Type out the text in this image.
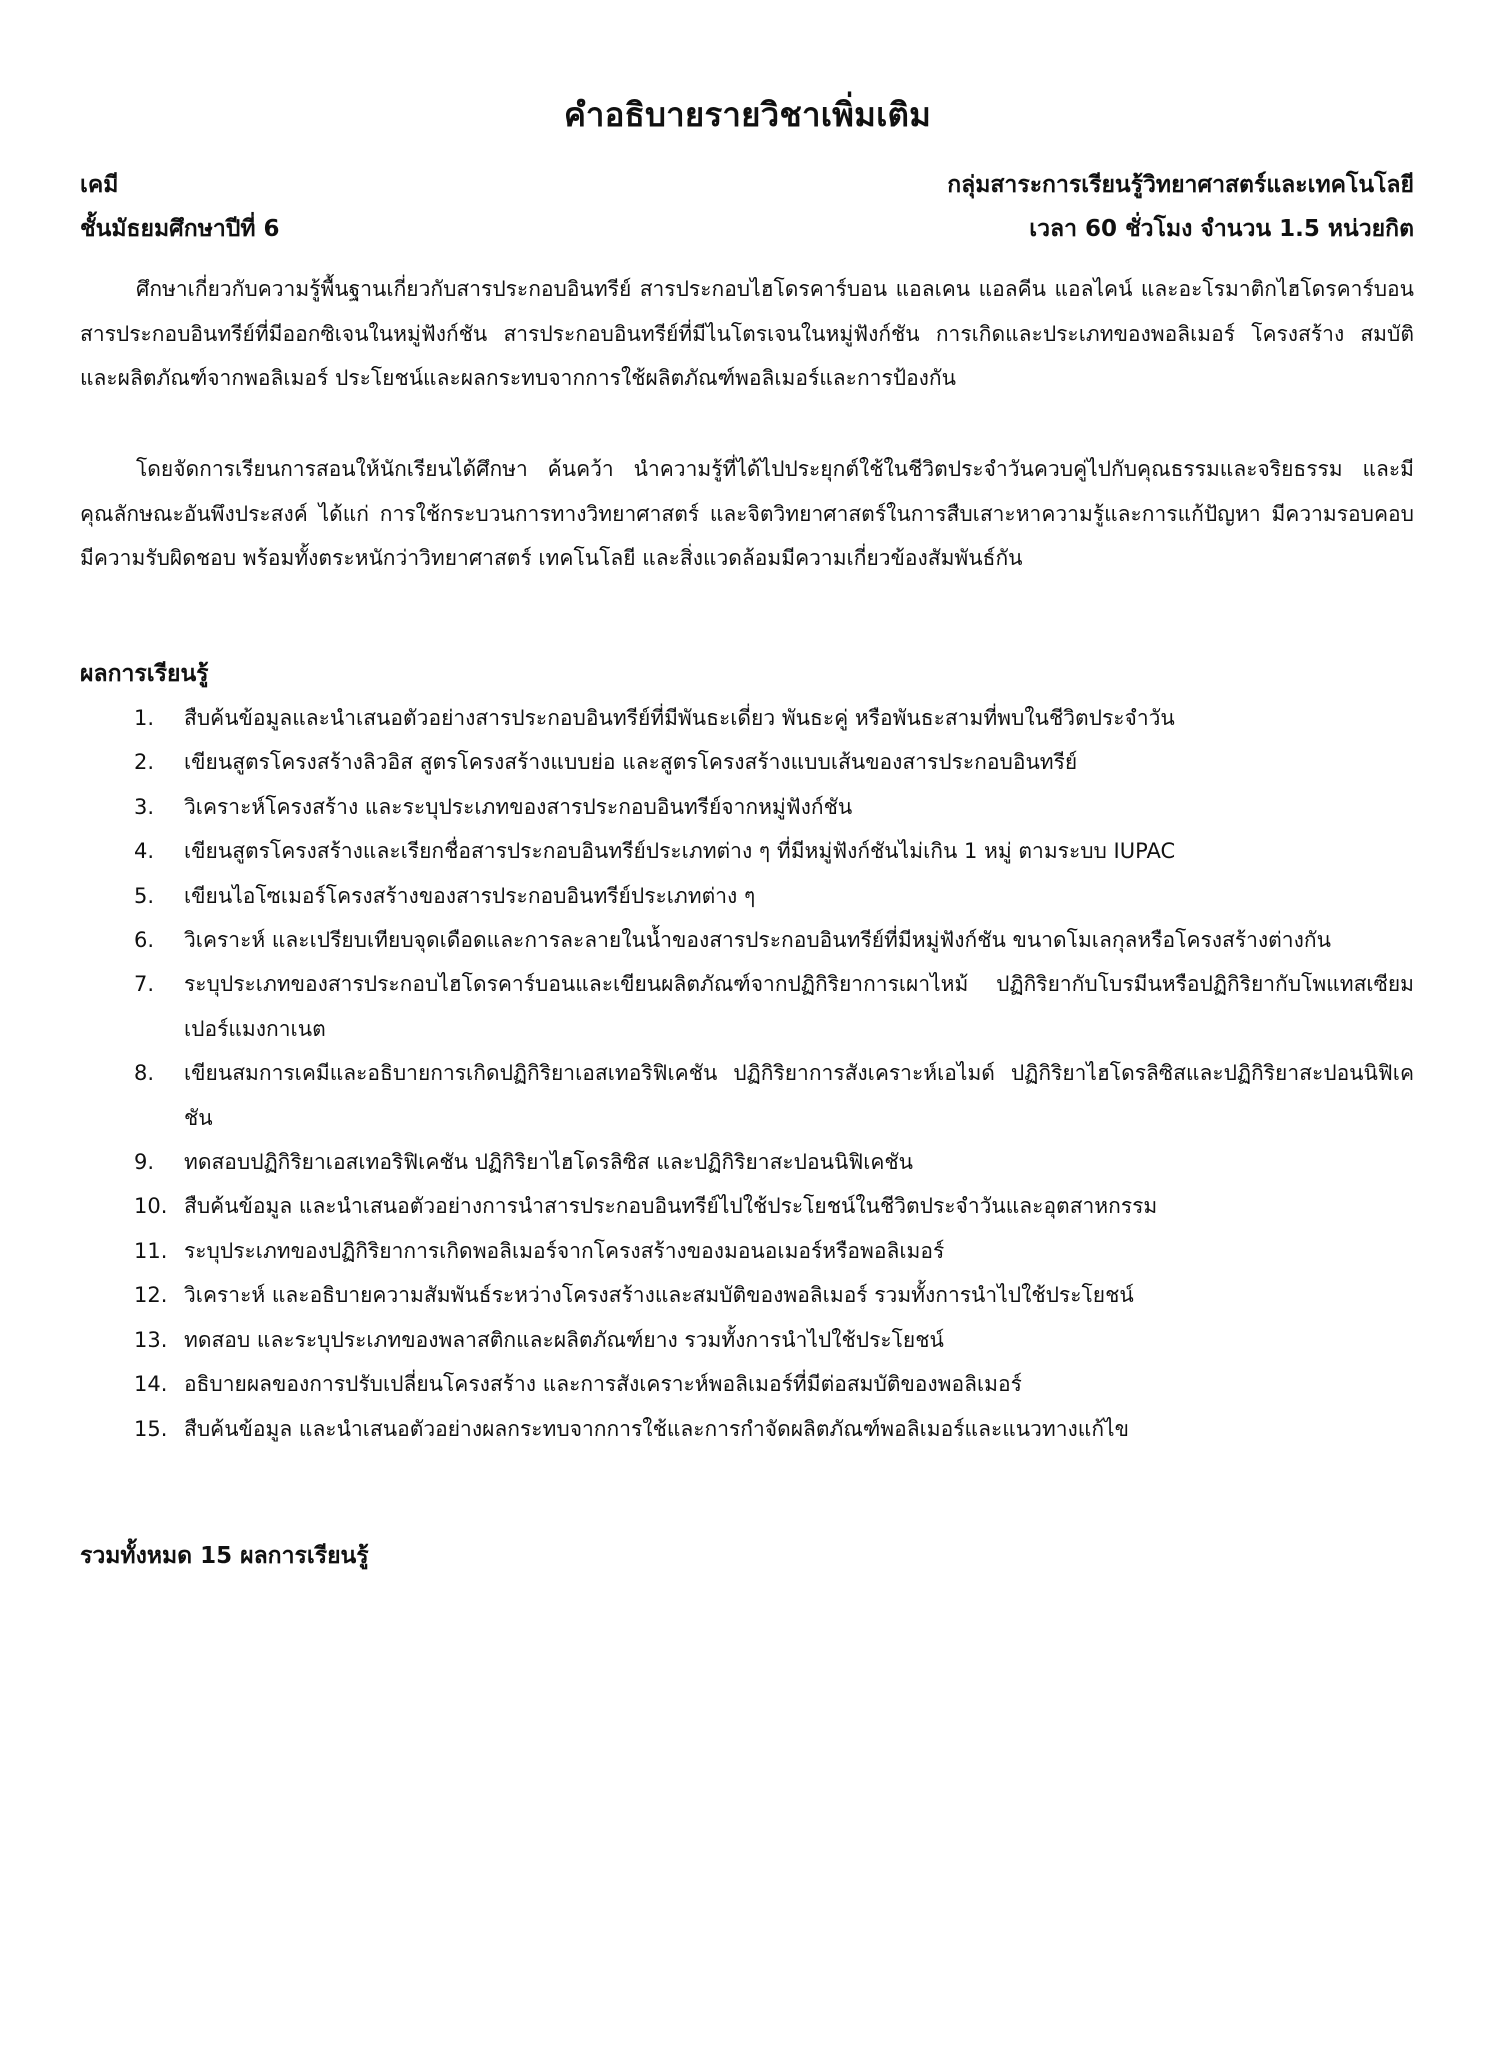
คำอธิบายรายวิชาเพิ่มเติม
เคมี
ชั้นมัธยมศึกษาปีที่ 6
กลุ่มสาระการเรียนรู้วิทยาศาสตร์และเทคโนโลยี
เวลา 60 ชั่วโมง จำนวน 1.5 หน่วยกิต
ศึกษาเกี่ยวกับความรู้พื้นฐานเกี่ยวกับสารประกอบอินทรีย์ สารประกอบไฮโดรคาร์บอน แอลเคน แอลคีน แอลไคน์ และอะโรมาติกไฮโดรคาร์บอน สารประกอบอินทรีย์ที่มีออกซิเจนในหมู่ฟังก์ชัน สารประกอบอินทรีย์ที่มีไนโตรเจนในหมู่ฟังก์ชัน การเกิดและประเภทของพอลิเมอร์ โครงสร้าง สมบัติ และผลิตภัณฑ์จากพอลิเมอร์ ประโยชน์และผลกระทบจากการใช้ผลิตภัณฑ์พอลิเมอร์และการป้องกัน
โดยจัดการเรียนการสอนให้นักเรียนได้ศึกษา ค้นคว้า นำความรู้ที่ได้ไปประยุกต์ใช้ในชีวิตประจำวันควบคู่ไปกับคุณธรรมและจริยธรรม และมีคุณลักษณะอันพึงประสงค์ ได้แก่ การใช้กระบวนการทางวิทยาศาสตร์ และจิตวิทยาศาสตร์ในการสืบเสาะหาความรู้และการแก้ปัญหา มีความรอบคอบ มีความรับผิดชอบ พร้อมทั้งตระหนักว่าวิทยาศาสตร์ เทคโนโลยี และสิ่งแวดล้อมมีความเกี่ยวข้องสัมพันธ์กัน
ผลการเรียนรู้
1.	สืบค้นข้อมูลและนำเสนอตัวอย่างสารประกอบอินทรีย์ที่มีพันธะเดี่ยว พันธะคู่ หรือพันธะสามที่พบในชีวิตประจำวัน
2.	เขียนสูตรโครงสร้างลิวอิส สูตรโครงสร้างแบบย่อ และสูตรโครงสร้างแบบเส้นของสารประกอบอินทรีย์
3.	วิเคราะห์โครงสร้าง และระบุประเภทของสารประกอบอินทรีย์จากหมู่ฟังก์ชัน
4.	เขียนสูตรโครงสร้างและเรียกชื่อสารประกอบอินทรีย์ประเภทต่าง ๆ ที่มีหมู่ฟังก์ชันไม่เกิน 1 หมู่ ตามระบบ IUPAC
5.	เขียนไอโซเมอร์โครงสร้างของสารประกอบอินทรีย์ประเภทต่าง ๆ
6.	วิเคราะห์ และเปรียบเทียบจุดเดือดและการละลายในน้ำของสารประกอบอินทรีย์ที่มีหมู่ฟังก์ชัน ขนาดโมเลกุลหรือโครงสร้างต่างกัน
7.	ระบุประเภทของสารประกอบไฮโดรคาร์บอนและเขียนผลิตภัณฑ์จากปฏิกิริยาการเผาไหม้ ปฏิกิริยากับโบรมีนหรือปฏิกิริยากับโพแทสเซียมเปอร์แมงกาเนต
8.	เขียนสมการเคมีและอธิบายการเกิดปฏิกิริยาเอสเทอริฟิเคชัน ปฏิกิริยาการสังเคราะห์เอไมด์ ปฏิกิริยาไฮโดรลิซิสและปฏิกิริยาสะปอนนิฟิเคชัน
9.	ทดสอบปฏิกิริยาเอสเทอริฟิเคชัน ปฏิกิริยาไฮโดรลิซิส และปฏิกิริยาสะปอนนิฟิเคชัน
10. สืบค้นข้อมูล และนำเสนอตัวอย่างการนำสารประกอบอินทรีย์ไปใช้ประโยชน์ในชีวิตประจำวันและอุตสาหกรรม
11. ระบุประเภทของปฏิกิริยาการเกิดพอลิเมอร์จากโครงสร้างของมอนอเมอร์หรือพอลิเมอร์
12. วิเคราะห์ และอธิบายความสัมพันธ์ระหว่างโครงสร้างและสมบัติของพอลิเมอร์ รวมทั้งการนำไปใช้ประโยชน์
13. ทดสอบ และระบุประเภทของพลาสติกและผลิตภัณฑ์ยาง รวมทั้งการนำไปใช้ประโยชน์
14. อธิบายผลของการปรับเปลี่ยนโครงสร้าง และการสังเคราะห์พอลิเมอร์ที่มีต่อสมบัติของพอลิเมอร์
15. สืบค้นข้อมูล และนำเสนอตัวอย่างผลกระทบจากการใช้และการกำจัดผลิตภัณฑ์พอลิเมอร์และแนวทางแก้ไข
รวมทั้งหมด 15 ผลการเรียนรู้
